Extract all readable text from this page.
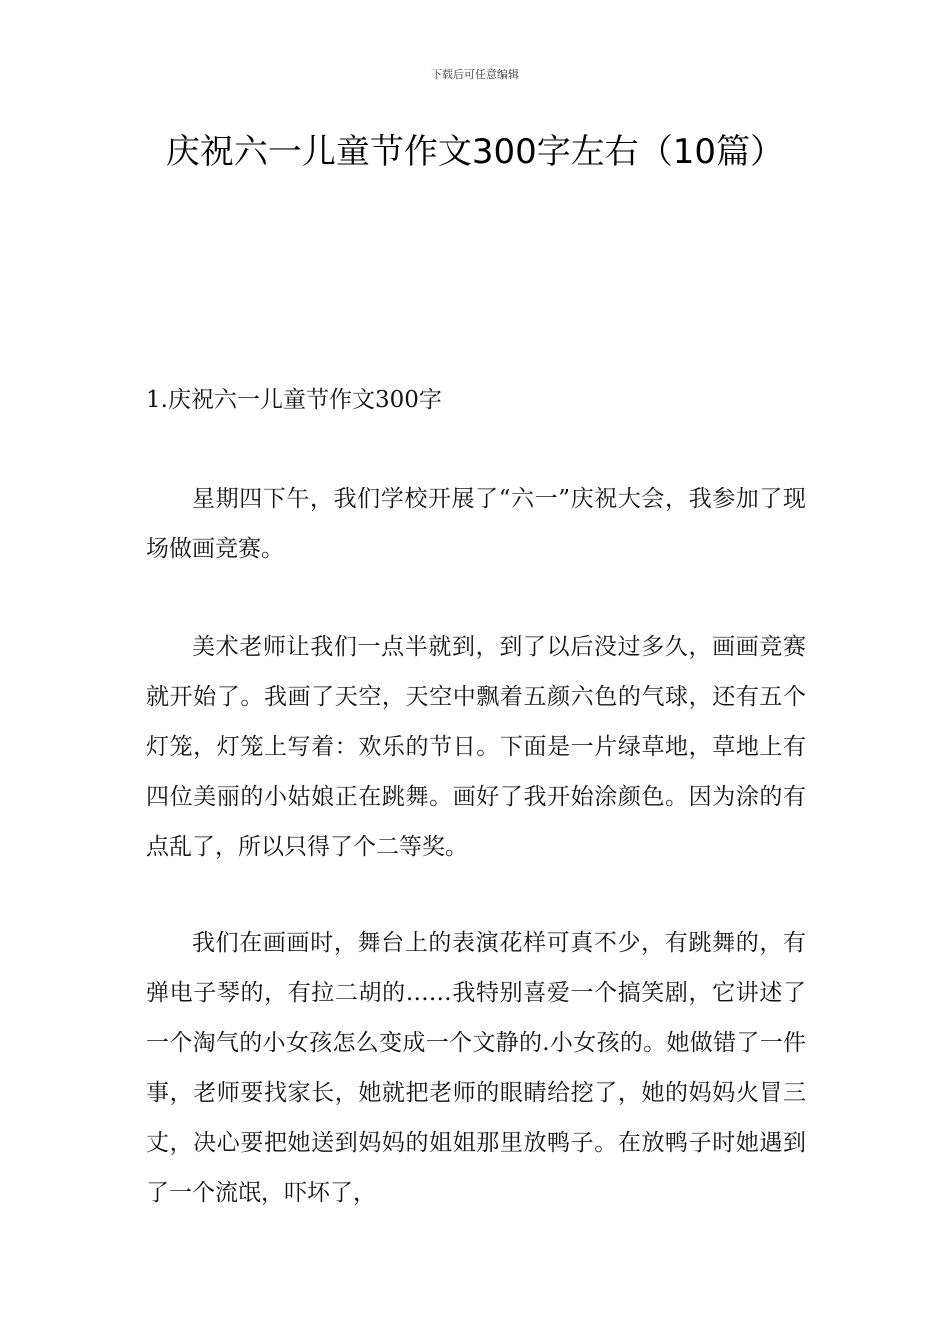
下载后可任意编辑
庆祝六一儿童节作文300字左右（10篇）
1.庆祝六一儿童节作文300字

星期四下午，我们学校开展了“六一”庆祝大会，我参加了现场做画竞赛。

美术老师让我们一点半就到，到了以后没过多久，画画竞赛就开始了。我画了天空，天空中飘着五颜六色的气球，还有五个灯笼，灯笼上写着：欢乐的节日。下面是一片绿草地，草地上有四位美丽的小姑娘正在跳舞。画好了我开始涂颜色。因为涂的有点乱了，所以只得了个二等奖。

我们在画画时，舞台上的表演花样可真不少，有跳舞的，有弹电子琴的，有拉二胡的……我特别喜爱一个搞笑剧，它讲述了一个淘气的小女孩怎么变成一个文静的.小女孩的。她做错了一件事，老师要找家长，她就把老师的眼睛给挖了，她的妈妈火冒三丈，决心要把她送到妈妈的姐姐那里放鸭子。在放鸭子时她遇到了一个流氓，吓坏了，
